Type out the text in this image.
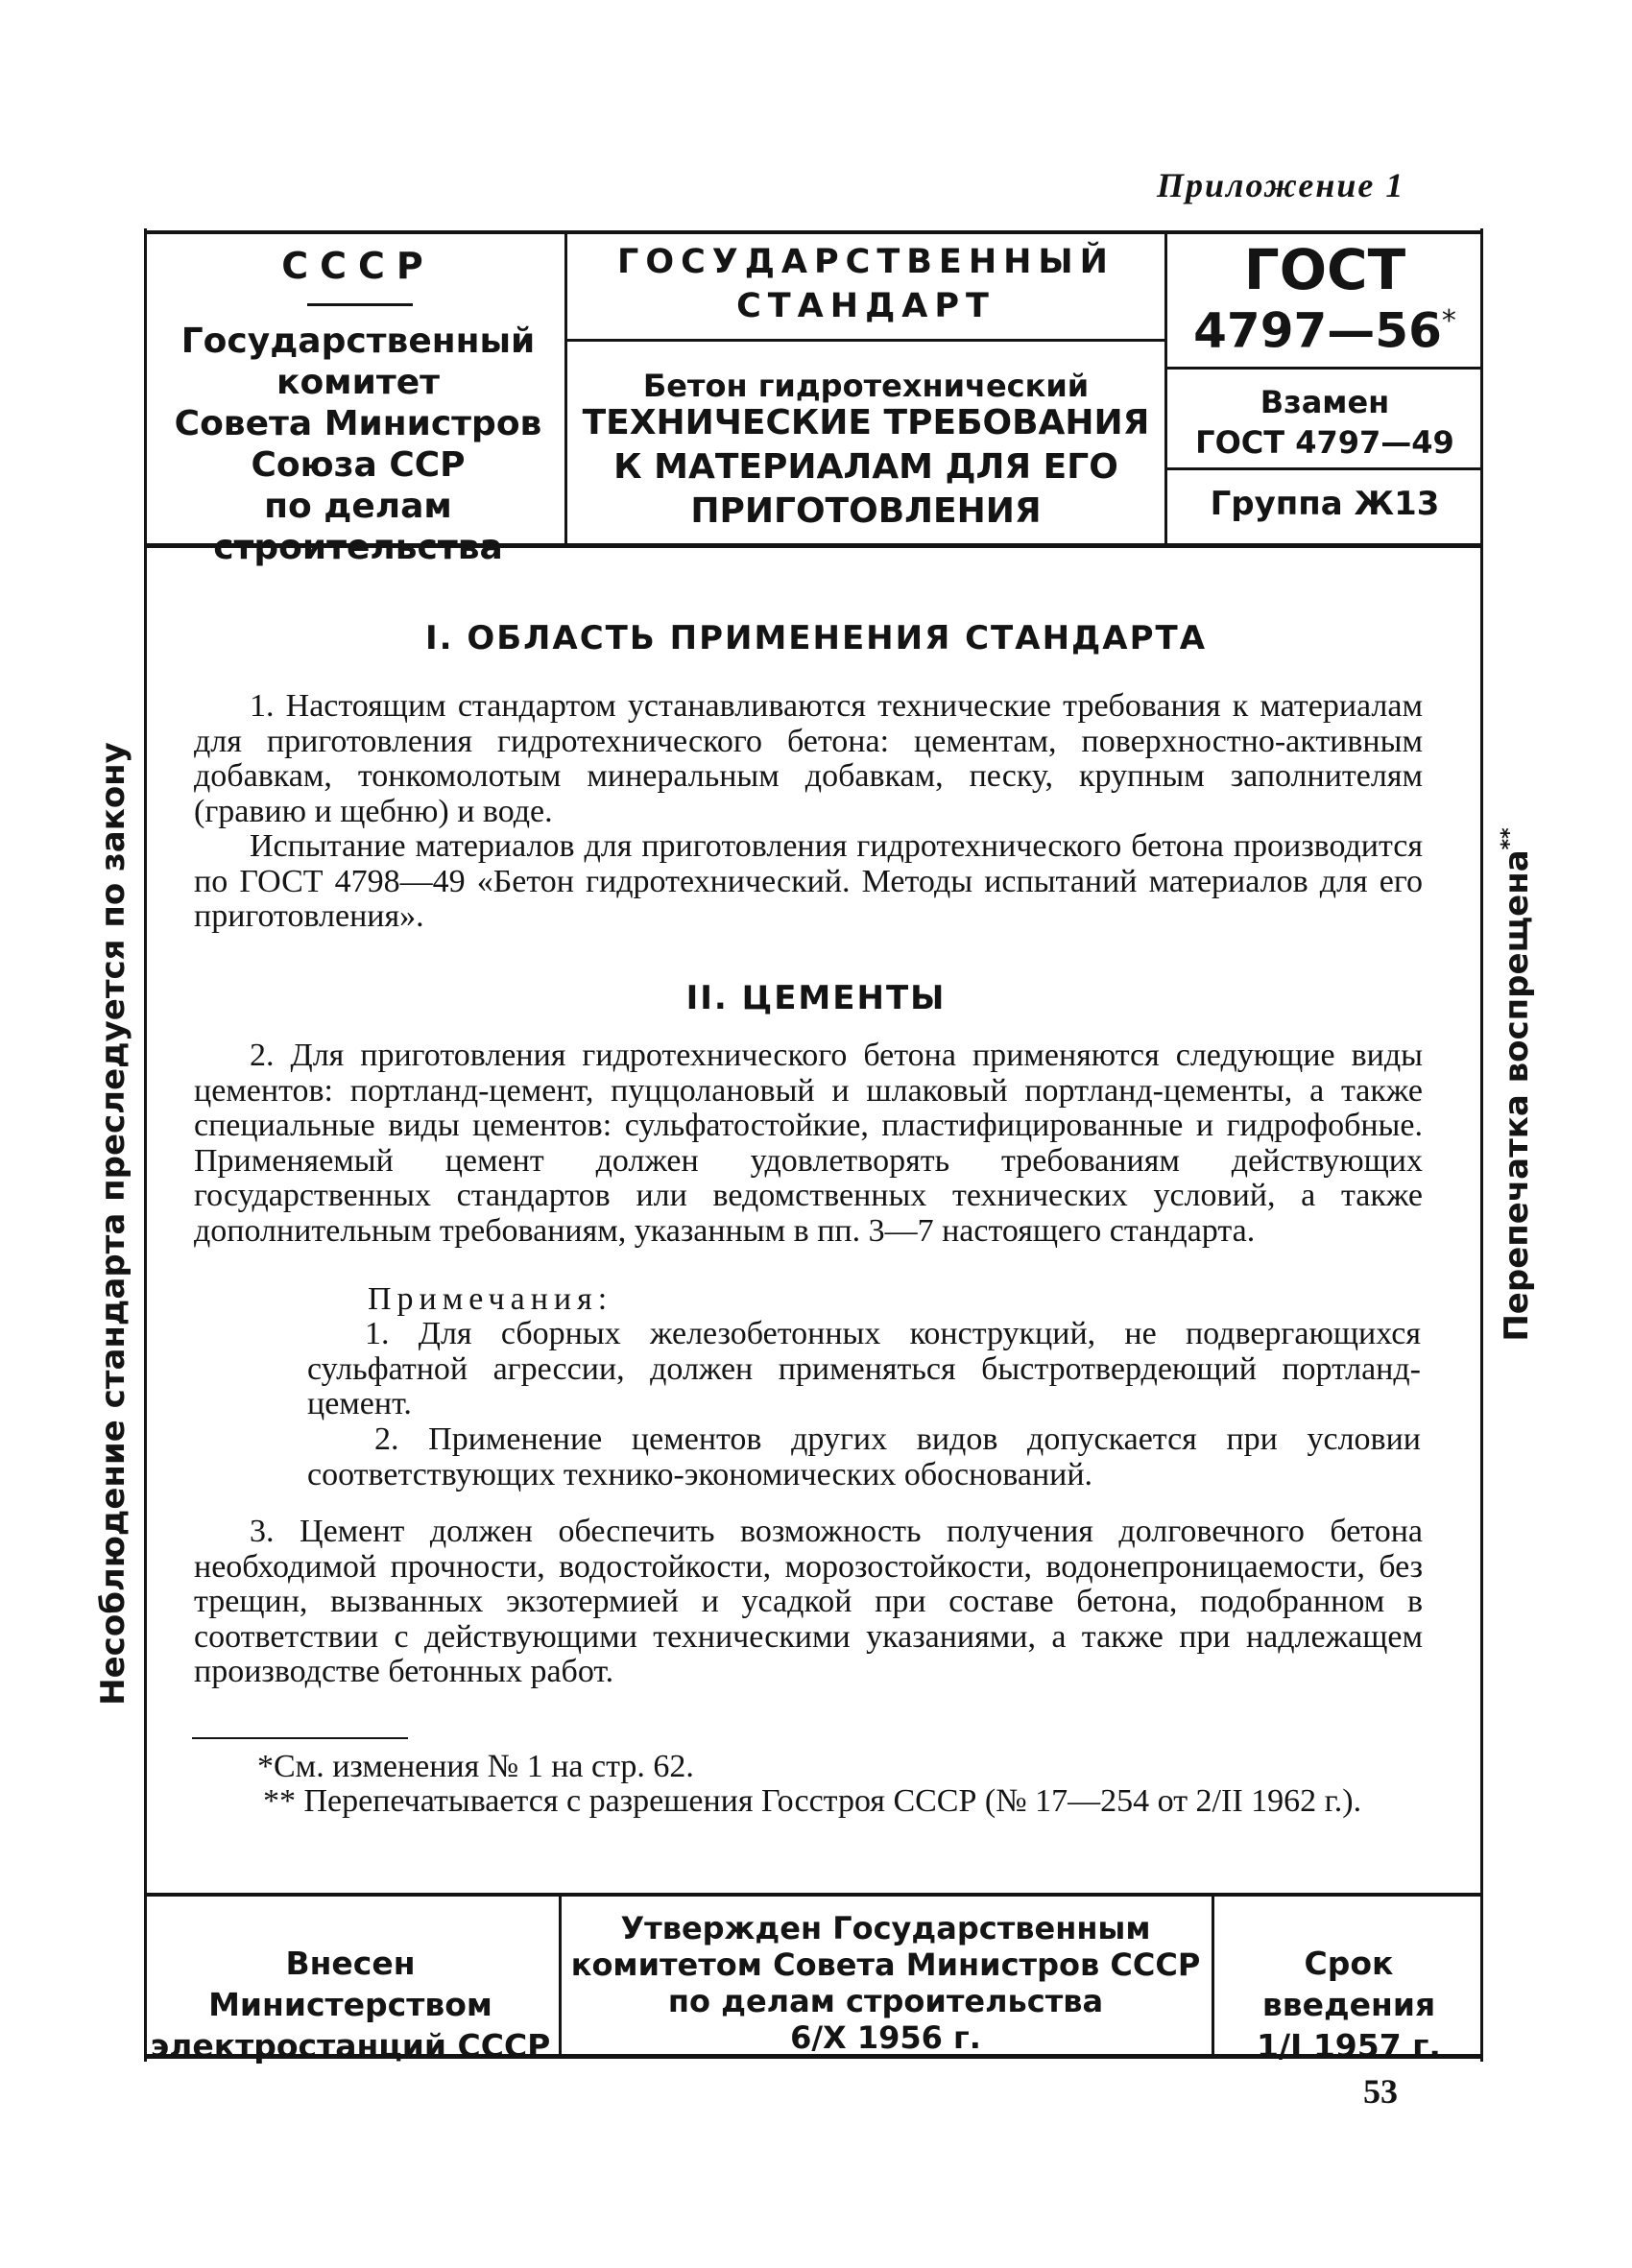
Приложение 1
СССР
Государственный
комитет
Совета Министров
Союза ССР
по делам строительства
ГОСУДАРСТВЕННЫЙ
СТАНДАРТ
Бетон гидротехнический
ТЕХНИЧЕСКИЕ ТРЕБОВАНИЯ
К МАТЕРИАЛАМ ДЛЯ ЕГО
ПРИГОТОВЛЕНИЯ
ГОСТ
4797—56*
Взамен
ГОСТ 4797—49
Группа Ж13
I. ОБЛАСТЬ ПРИМЕНЕНИЯ СТАНДАРТА
1. Настоящим стандартом устанавливаются технические требования к материалам для приготовления гидротехнического бетона: цементам, поверхностно-активным добавкам, тонкомолотым минеральным добавкам, песку, крупным заполнителям (гравию и щебню) и воде.
Испытание материалов для приготовления гидротехнического бетона производится по ГОСТ 4798—49 «Бетон гидротехнический. Методы испытаний материалов для его приготовления».
II. ЦЕМЕНТЫ
2. Для приготовления гидротехнического бетона применяются следующие виды цементов: портланд-цемент, пуццолановый и шлаковый портланд-цементы, а также специальные виды цементов: сульфатостойкие, пластифицированные и гидрофобные. Применяемый цемент должен удовлетворять требованиям действующих государственных стандартов или ведомственных технических условий, а также дополнительным требованиям, указанным в пп. 3—7 настоящего стандарта.
Примечания:
1. Для сборных железобетонных конструкций, не подвергающихся сульфатной агрессии, должен применяться быстротвердеющий портланд-цемент.
2. Применение цементов других видов допускается при условии соответствующих технико-экономических обоснований.
3. Цемент должен обеспечить возможность получения долговечного бетона необходимой прочности, водостойкости, морозостойкости, водонепроницаемости, без трещин, вызванных экзотермией и усадкой при составе бетона, подобранном в соответствии с действующими техническими указаниями, а также при надлежащем производстве бетонных работ.
*См. изменения № 1 на стр. 62.
** Перепечатывается с разрешения Госстроя СССР (№ 17—254 от 2/II 1962 г.).
Внесен Министерством
электростанций СССР
Утвержден Государственным
комитетом Совета Министров СССР
по делам строительства
6/X 1956 г.
Срок введения
1/I 1957 г.
53
Несоблюдение стандарта преследуется по закону	Перепечатка воспрещена**
